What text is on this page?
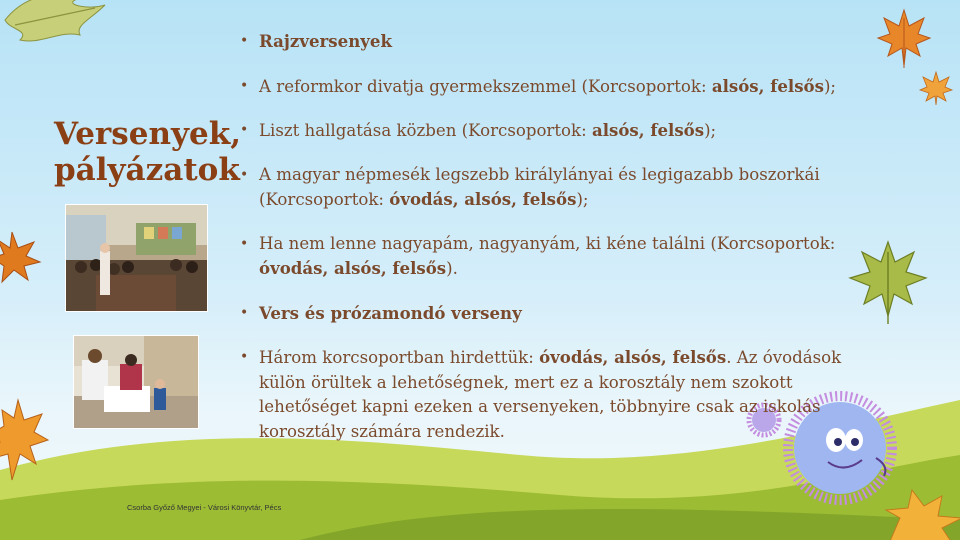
Versenyek,
pályázatok
• Rajzversenyek
• A reformkor divatja gyermekszemmel (Korcsoportok: alsós, felsős);
• Liszt hallgatása közben (Korcsoportok: alsós, felsős);
• A magyar népmesék legszebb királylányai és legigazabb boszorkái (Korcsoportok: óvodás, alsós, felsős);
• Ha nem lenne nagyapám, nagyanyám, ki kéne találni (Korcsoportok: óvodás, alsós, felsős).
• Vers és prózamondó verseny
• Három korcsoportban hirdettük: óvodás, alsós, felsős. Az óvodások külön örültek a lehetőségnek, mert ez a korosztály nem szokott lehetőséget kapni ezeken a versenyeken, többnyire csak az iskolás korosztály számára rendezik.
Csorba Győző Megyei - Városi Könyvtár, Pécs
